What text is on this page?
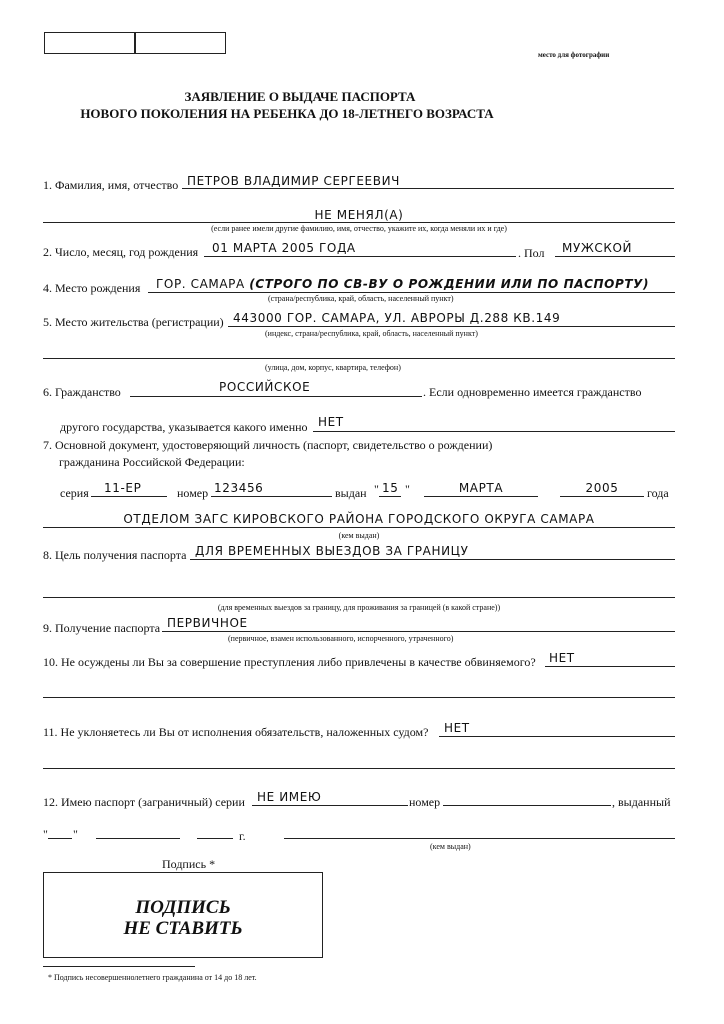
место для фотографии
ЗАЯВЛЕНИЕ О ВЫДАЧЕ ПАСПОРТА
НОВОГО ПОКОЛЕНИЯ НА РЕБЕНКА ДО 18-ЛЕТНЕГО ВОЗРАСТА
1. Фамилия, имя, отчество ПЕТРОВ ВЛАДИМИР СЕРГЕЕВИЧ
НЕ МЕНЯЛ(А)
(если ранее имели другие фамилию, имя, отчество, укажите их, когда меняли их и где)
2. Число, месяц, год рождения 01 МАРТА 2005 ГОДА	. Пол МУЖСКОЙ
4. Место рождения ГОР. САМАРА (СТРОГО ПО СВ-ВУ О РОЖДЕНИИ ИЛИ ПО ПАСПОРТУ)
(страна/республика, край, область, населенный пункт)
5. Место жительства (регистрации) 443000 ГОР. САМАРА, УЛ. АВРОРЫ Д.288 КВ.149
(индекс, страна/республика, край, область, населенный пункт)
(улица, дом, корпус, квартира, телефон)
6. Гражданство	РОССИЙСКОЕ	. Если одновременно имеется гражданство
другого государства, указывается какого именно НЕТ
7. Основной документ, удостоверяющий личность (паспорт, свидетельство о рождении)
гражданина Российской Федерации:
серия 11-ЕР	номер 123456	выдан " 15 "	МАРТА	2005	года
ОТДЕЛОМ ЗАГС КИРОВСКОГО РАЙОНА ГОРОДСКОГО ОКРУГА САМАРА
(кем выдан)
8. Цель получения паспорта ДЛЯ ВРЕМЕННЫХ ВЫЕЗДОВ ЗА ГРАНИЦУ
(для временных выездов за границу, для проживания за границей (в какой стране))
9. Получение паспорта ПЕРВИЧНОЕ
(первичное, взамен использованного, испорченного, утраченного)
10. Не осуждены ли Вы за совершение преступления либо привлечены в качестве обвиняемого? НЕТ
11. Не уклоняетесь ли Вы от исполнения обязательств, наложенных судом? НЕТ
12. Имею паспорт (заграничный) серии НЕ ИМЕЮ	номер	, выданный
" "	г.
(кем выдан)
Подпись *
ПОДПИСЬ
НЕ СТАВИТЬ
* Подпись несовершеннолетнего гражданина от 14 до 18 лет.
